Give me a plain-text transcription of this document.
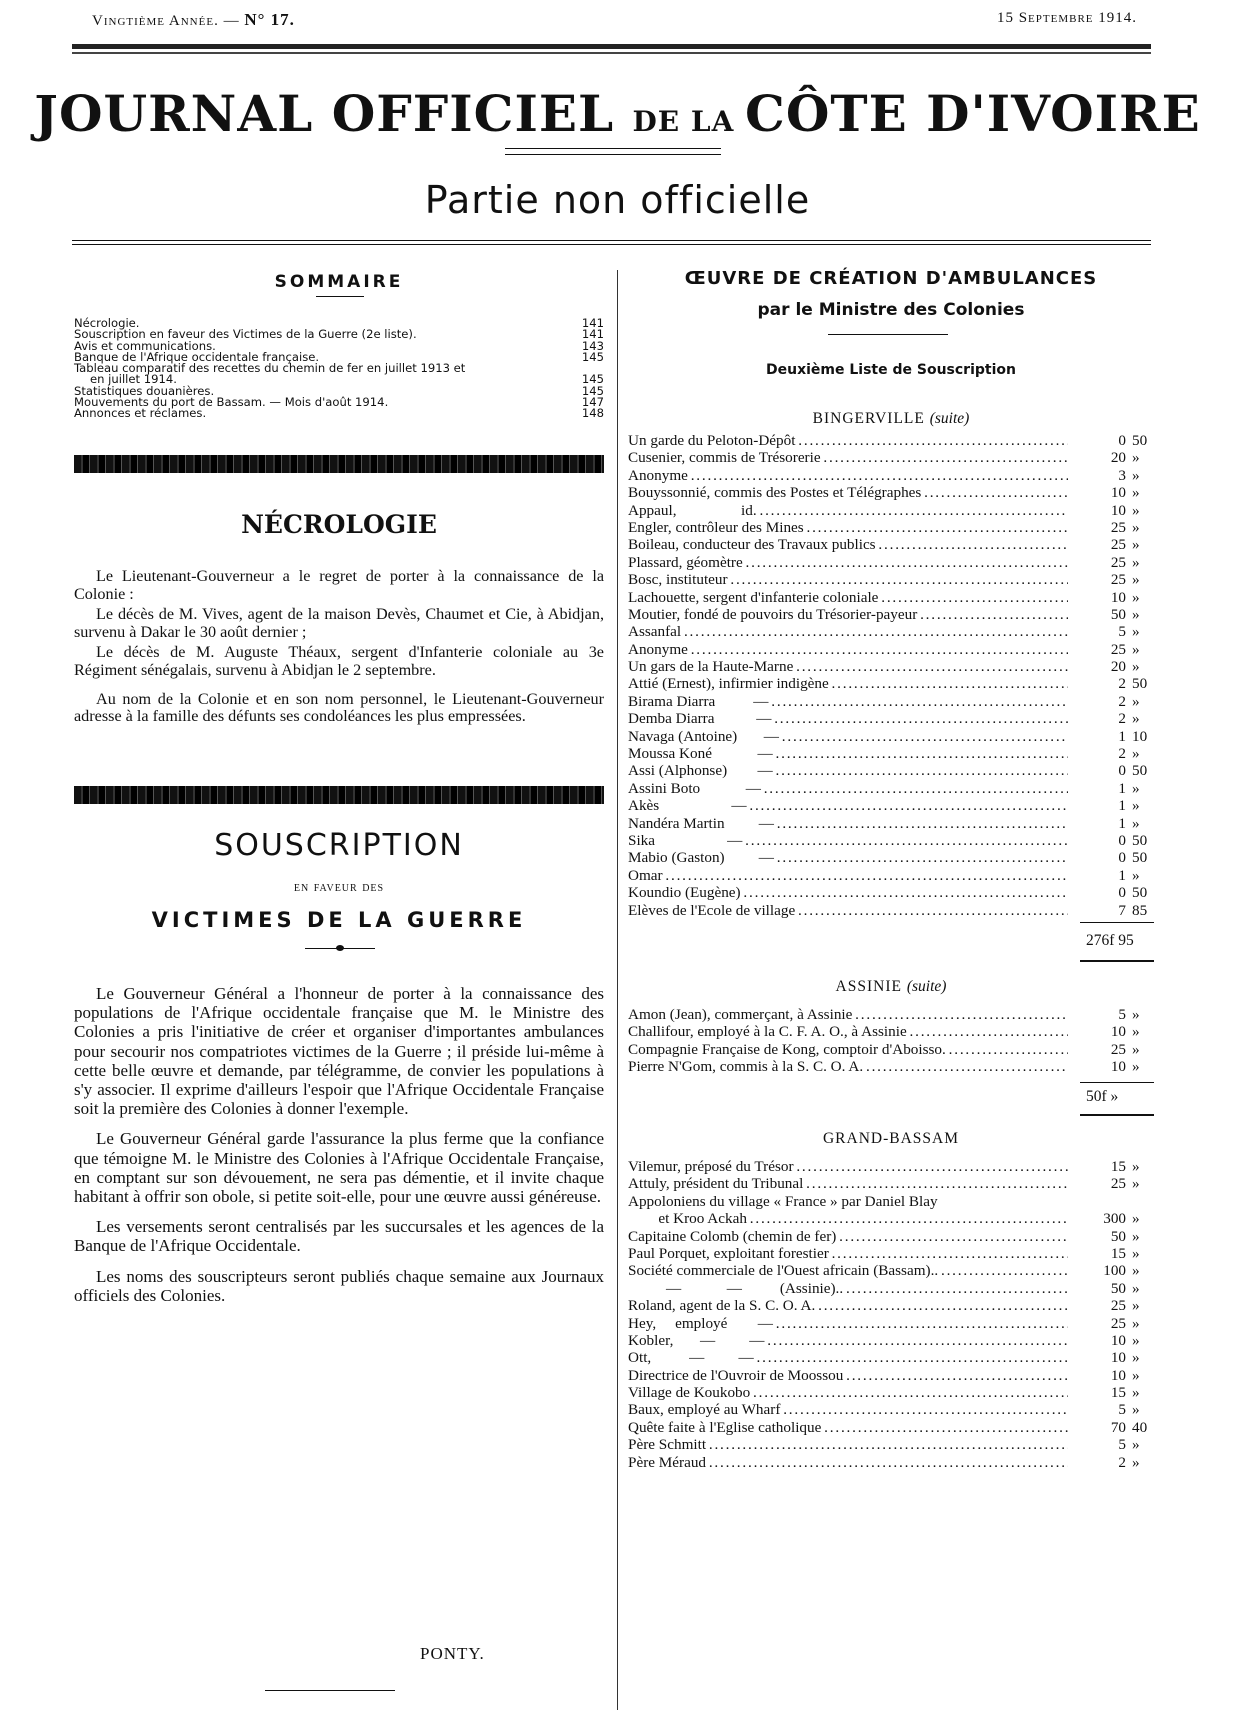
Vingtième Année. — N° 17.	15 Septembre 1914.
JOURNAL OFFICIEL DE LA CÔTE D'IVOIRE
Partie non officielle
SOMMAIRE
Nécrologie.	141
Souscription en faveur des Victimes de la Guerre (2e liste).	141
Avis et communications.	143
Banque de l'Afrique occidentale française.	145
Tableau comparatif des recettes du chemin de fer en juillet 1913 et
en juillet 1914.	145
Statistiques douanières.	145
Mouvements du port de Bassam. — Mois d'août 1914.	147
Annonces et réclames.	148
NÉCROLOGIE

Le Lieutenant-Gouverneur a le regret de porter à la connaissance de la Colonie :

Le décès de M. Vives, agent de la maison Devès, Chaumet et Cie, à Abidjan, survenu à Dakar le 30 août dernier ;

Le décès de M. Auguste Théaux, sergent d'Infanterie coloniale au 3e Régiment sénégalais, survenu à Abidjan le 2 septembre.

Au nom de la Colonie et en son nom personnel, le Lieutenant-Gouverneur adresse à la famille des défunts ses condoléances les plus empressées.

SOUSCRIPTION
en faveur des
VICTIMES DE LA GUERRE

Le Gouverneur Général a l'honneur de porter à la connaissance des populations de l'Afrique occidentale française que M. le Ministre des Colonies a pris l'initiative de créer et organiser d'importantes ambulances pour secourir nos compatriotes victimes de la Guerre ; il préside lui-même à cette belle œuvre et demande, par télégramme, de convier les populations à s'y associer. Il exprime d'ailleurs l'espoir que l'Afrique Occidentale Française soit la première des Colonies à donner l'exemple.

Le Gouverneur Général garde l'assurance la plus ferme que la confiance que témoigne M. le Ministre des Colonies à l'Afrique Occidentale Française, en comptant sur son dévouement, ne sera pas démentie, et il invite chaque habitant à offrir son obole, si petite soit-elle, pour une œuvre aussi généreuse.

Les versements seront centralisés par les succursales et les agences de la Banque de l'Afrique Occidentale.

Les noms des souscripteurs seront publiés chaque semaine aux Journaux officiels des Colonies.

PONTY.
ŒUVRE DE CRÉATION D'AMBULANCES
par le Ministre des Colonies
Deuxième Liste de Souscription
BINGERVILLE (suite)
Un garde du Peloton-Dépôt . . .	0 50
Cusenier, commis de Trésorerie . . .	20 »
Anonyme . . .	3 »
Bouyssonnié, commis des Postes et Télégraphes . . .	10 »
Appaul,                 id. . . .	10 »
Engler, contrôleur des Mines . . .	25 »
Boileau, conducteur des Travaux publics . . .	25 »
Plassard, géomètre . . .	25 »
Bosc, instituteur . . .	25 »
Lachouette, sergent d'infanterie coloniale . . .	10 »
Moutier, fondé de pouvoirs du Trésorier-payeur . . .	50 »
Assanfal . . .	5 »
Anonyme . . .	25 »
Un gars de la Haute-Marne . . .	20 »
Attié (Ernest), infirmier indigène . . .	2 50
Birama Diarra          — . . .	2 »
Demba Diarra           — . . .	2 »
Navaga (Antoine)       — . . .	1 10
Moussa Koné            — . . .	2 »
Assi (Alphonse)        — . . .	0 50
Assini Boto            — . . .	1 »
Akès                   — . . .	1 »
Nandéra Martin         — . . .	1 »
Sika                   — . . .	0 50
Mabio (Gaston)         — . . .	0 50
Omar . . .	1 »
Koundio (Eugène) . . .	0 50
Elèves de l'Ecole de village . . .	7 85
276f 95
ASSINIE (suite)
Amon (Jean), commerçant, à Assinie . . .	5 »
Challifour, employé à la C. F. A. O., à Assinie . . .	10 »
Compagnie Française de Kong, comptoir d'Aboisso. . . .	25 »
Pierre N'Gom, commis à la S. C. O. A. . . .	10 »
50f »
GRAND-BASSAM
Vilemur, préposé du Trésor . . .	15 »
Attuly, président du Tribunal . . .	25 »
Appoloniens du village « France » par Daniel Blay
et Kroo Ackah . . .	300 »
Capitaine Colomb (chemin de fer) . . .	50 »
Paul Porquet, exploitant forestier . . .	15 »
Société commerciale de l'Ouest africain (Bassam).. . . .	100 »
—            —          (Assinie).. . . .	50 »
Roland, agent de la S. C. O. A. . . .	25 »
Hey,     employé        — . . .	25 »
Kobler,       —         — . . .	10 »
Ott,          —         — . . .	10 »
Directrice de l'Ouvroir de Moossou . . .	10 »
Village de Koukobo . . .	15 »
Baux, employé au Wharf . . .	5 »
Quête faite à l'Eglise catholique . . .	70 40
Père Schmitt . . .	5 »
Père Méraud . . .	2 »
